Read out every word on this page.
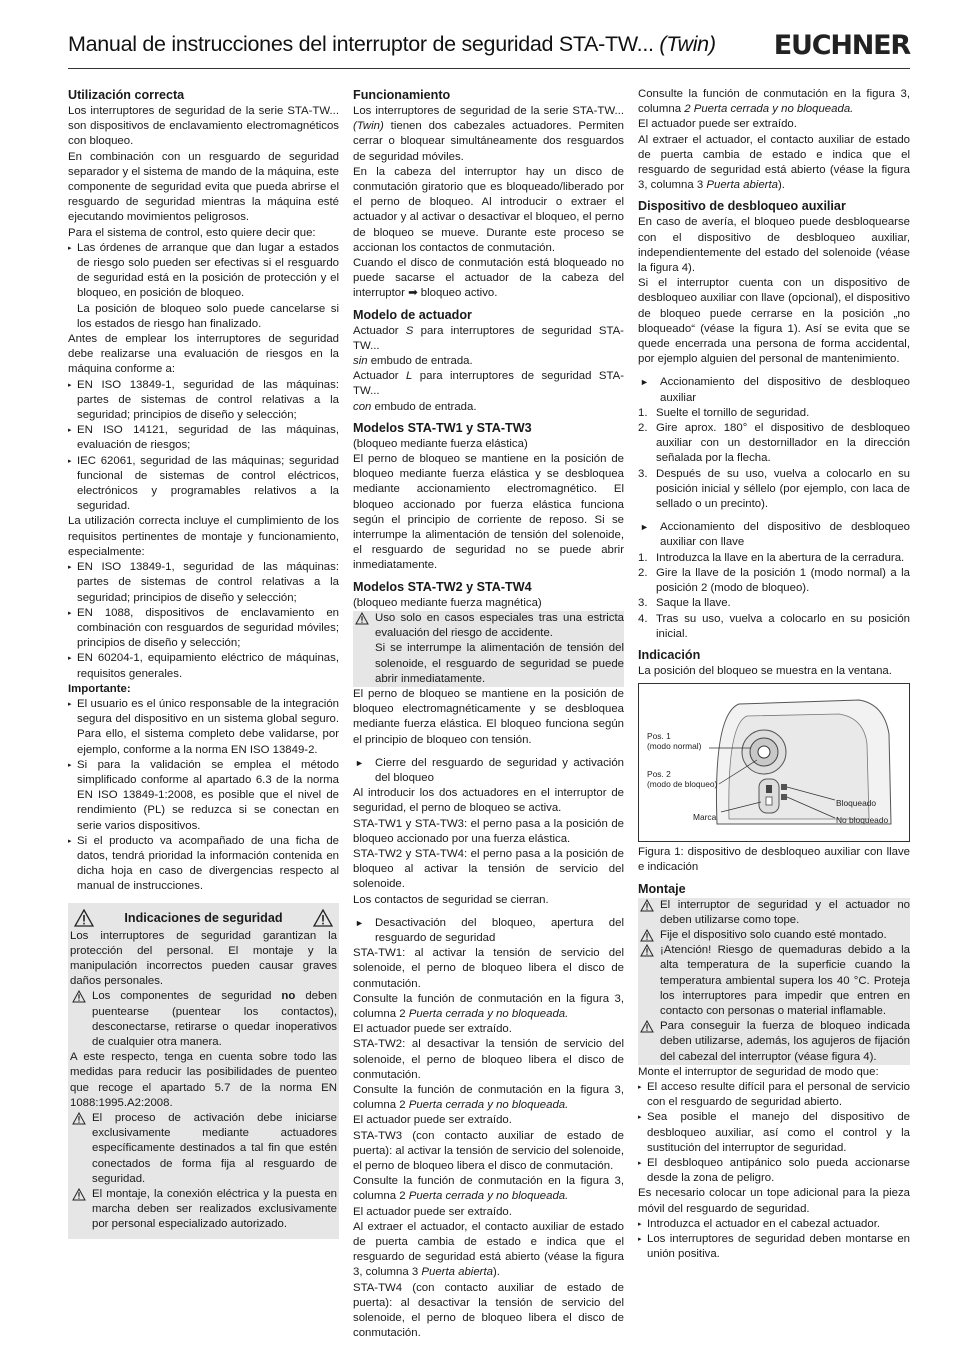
Manual de instrucciones del interruptor de seguridad STA-TW... (Twin) EUCHNER
Utilización correcta

Los interruptores de seguridad de la serie STA-TW... son dispositivos de enclavamiento electromagnéticos con bloqueo.

En combinación con un resguardo de seguridad separador y el sistema de mando de la máquina, este componente de seguridad evita que pueda abrirse el resguardo de seguridad mientras la máquina esté ejecutando movimientos peligrosos.

Para el sistema de control, esto quiere decir que:

▸ Las órdenes de arranque que dan lugar a estados de riesgo solo pueden ser efectivas si el resguardo de seguridad está en la posición de protección y el bloqueo, en posición de bloqueo.
La posición de bloqueo solo puede cancelarse si los estados de riesgo han finalizado.

Antes de emplear los interruptores de seguridad debe realizarse una evaluación de riesgos en la máquina conforme a:

▸ EN ISO 13849-1, seguridad de las máquinas: partes de sistemas de control relativas a la seguridad; principios de diseño y selección;
▸ EN ISO 14121, seguridad de las máquinas, evaluación de riesgos;
▸ IEC 62061, seguridad de las máquinas; seguridad funcional de sistemas de control eléctricos, electrónicos y programables relativos a la seguridad.

La utilización correcta incluye el cumplimiento de los requisitos pertinentes de montaje y funcionamiento, especialmente:

▸ EN ISO 13849-1, seguridad de las máquinas: partes de sistemas de control relativas a la seguridad; principios de diseño y selección;
▸ EN 1088, dispositivos de enclavamiento en combinación con resguardos de seguridad móviles; principios de diseño y selección;
▸ EN 60204-1, equipamiento eléctrico de máquinas, requisitos generales.

Importante:

▸ El usuario es el único responsable de la integración segura del dispositivo en un sistema global seguro. Para ello, el sistema completo debe validarse, por ejemplo, conforme a la norma EN ISO 13849-2.
▸ Si para la validación se emplea el método simplificado conforme al apartado 6.3 de la norma EN ISO 13849-1:2008, es posible que el nivel de rendimiento (PL) se reduzca si se conectan en serie varios dispositivos.
▸ Si el producto va acompañado de una ficha de datos, tendrá prioridad la información contenida en dicha hoja en caso de divergencias respecto al manual de instrucciones.
Indicaciones de seguridad

Los interruptores de seguridad garantizan la protección del personal. El montaje y la manipulación incorrectos pueden causar graves daños personales.

Los componentes de seguridad no deben puentearse (puentear los contactos), desconectarse, retirarse o quedar inoperativos de cualquier otra manera.

A este respecto, tenga en cuenta sobre todo las medidas para reducir las posibilidades de puenteo que recoge el apartado 5.7 de la norma EN 1088:1995.A2:2008.

El proceso de activación debe iniciarse exclusivamente mediante actuadores específicamente destinados a tal fin que estén conectados de forma fija al resguardo de seguridad.
El montaje, la conexión eléctrica y la puesta en marcha deben ser realizados exclusivamente por personal especializado autorizado.
Funcionamiento

Los interruptores de seguridad de la serie STA-TW... (Twin) tienen dos cabezales actuadores. Permiten cerrar o bloquear simultáneamente dos resguardos de seguridad móviles.

En la cabeza del interruptor hay un disco de conmutación giratorio que es bloqueado/liberado por el perno de bloqueo. Al introducir o extraer el actuador y al activar o desactivar el bloqueo, el perno de bloqueo se mueve. Durante este proceso se accionan los contactos de conmutación.

Cuando el disco de conmutación está bloqueado no puede sacarse el actuador de la cabeza del interruptor ➡ bloqueo activo.

Modelo de actuador

Actuador S para interruptores de seguridad STA-TW...
sin embudo de entrada.

Actuador L para interruptores de seguridad STA-TW...
con embudo de entrada.

Modelos STA-TW1 y STA-TW3

(bloqueo mediante fuerza elástica)

El perno de bloqueo se mantiene en la posición de bloqueo mediante fuerza elástica y se desbloquea mediante accionamiento electromagnético. El bloqueo accionado por fuerza elástica funciona según el principio de corriente de reposo. Si se interrumpe la alimentación de tensión del solenoide, el resguardo de seguridad no se puede abrir inmediatamente.

Modelos STA-TW2 y STA-TW4

(bloqueo mediante fuerza magnética)

Uso solo en casos especiales tras una estricta evaluación del riesgo de accidente.
Si se interrumpe la alimentación de tensión del solenoide, el resguardo de seguridad se puede abrir inmediatamente.

El perno de bloqueo se mantiene en la posición de bloqueo electromagnéticamente y se desbloquea mediante fuerza elástica. El bloqueo funciona según el principio de bloqueo con tensión.

► Cierre del resguardo de seguridad y activación del bloqueo

Al introducir los dos actuadores en el interruptor de seguridad, el perno de bloqueo se activa.

STA-TW1 y STA-TW3: el perno pasa a la posición de bloqueo accionado por una fuerza elástica.

STA-TW2 y STA-TW4: el perno pasa a la posición de bloqueo al activar la tensión de servicio del solenoide.

Los contactos de seguridad se cierran.

► Desactivación del bloqueo, apertura del resguardo de seguridad

STA-TW1: al activar la tensión de servicio del solenoide, el perno de bloqueo libera el disco de conmutación.

Consulte la función de conmutación en la figura 3, columna 2 Puerta cerrada y no bloqueada.

El actuador puede ser extraído.

STA-TW2: al desactivar la tensión de servicio del solenoide, el perno de bloqueo libera el disco de conmutación.

Consulte la función de conmutación en la figura 3, columna 2 Puerta cerrada y no bloqueada.

El actuador puede ser extraído.

STA-TW3 (con contacto auxiliar de estado de puerta): al activar la tensión de servicio del solenoide, el perno de bloqueo libera el disco de conmutación.

Consulte la función de conmutación en la figura 3, columna 2 Puerta cerrada y no bloqueada.

El actuador puede ser extraído.

Al extraer el actuador, el contacto auxiliar de estado de puerta cambia de estado e indica que el resguardo de seguridad está abierto (véase la figura 3, columna 3 Puerta abierta).

STA-TW4 (con contacto auxiliar de estado de puerta): al desactivar la tensión de servicio del solenoide, el perno de bloqueo libera el disco de conmutación.

Consulte la función de conmutación en la figura 3, columna 2 Puerta cerrada y no bloqueada.

El actuador puede ser extraído.

Al extraer el actuador, el contacto auxiliar de estado de puerta cambia de estado e indica que el resguardo de seguridad está abierto (véase la figura 3, columna 3 Puerta abierta).

Dispositivo de desbloqueo auxiliar

En caso de avería, el bloqueo puede desbloquearse con el dispositivo de desbloqueo auxiliar, independientemente del estado del solenoide (véase la figura 4).

Si el interruptor cuenta con un dispositivo de desbloqueo auxiliar con llave (opcional), el dispositivo de bloqueo puede cerrarse en la posición „no bloqueado“ (véase la figura 1). Así se evita que se quede encerrada una persona de forma accidental, por ejemplo alguien del personal de mantenimiento.

► Accionamiento del dispositivo de desbloqueo auxiliar

1. Suelte el tornillo de seguridad.
2. Gire aprox. 180° el dispositivo de desbloqueo auxiliar con un destornillador en la dirección señalada por la flecha.
3. Después de su uso, vuelva a colocarlo en su posición inicial y séllelo (por ejemplo, con laca de sellado o un precinto).

► Accionamiento del dispositivo de desbloqueo auxiliar con llave

1. Introduzca la llave en la abertura de la cerradura.
2. Gire la llave de la posición 1 (modo normal) a la posición 2 (modo de bloqueo).
3. Saque la llave.
4. Tras su uso, vuelva a colocarlo en su posición inicial.
Indicación

La posición del bloqueo se muestra en la ventana.

Pos. 1
(modo normal)
Pos. 2
(modo de bloqueo)
Marca
Bloqueado
No bloqueado

Figura 1: dispositivo de desbloqueo auxiliar con llave e indicación

Montaje
El interruptor de seguridad y el actuador no deben utilizarse como tope.
Fije el dispositivo solo cuando esté montado.
¡Atención! Riesgo de quemaduras debido a la alta temperatura de la superficie cuando la temperatura ambiental supera los 40 °C. Proteja los interruptores para impedir que entren en contacto con personas o material inflamable.
Para conseguir la fuerza de bloqueo indicada deben utilizarse, además, los agujeros de fijación del cabezal del interruptor (véase figura 4).

Monte el interruptor de seguridad de modo que:

▸ El acceso resulte difícil para el personal de servicio con el resguardo de seguridad abierto.
▸ Sea posible el manejo del dispositivo de desbloqueo auxiliar, así como el control y la sustitución del interruptor de seguridad.
▸ El desbloqueo antipánico solo pueda accionarse desde la zona de peligro.

Es necesario colocar un tope adicional para la pieza móvil del resguardo de seguridad.

▸ Introduzca el actuador en el cabezal actuador.
▸ Los interruptores de seguridad deben montarse en unión positiva.
